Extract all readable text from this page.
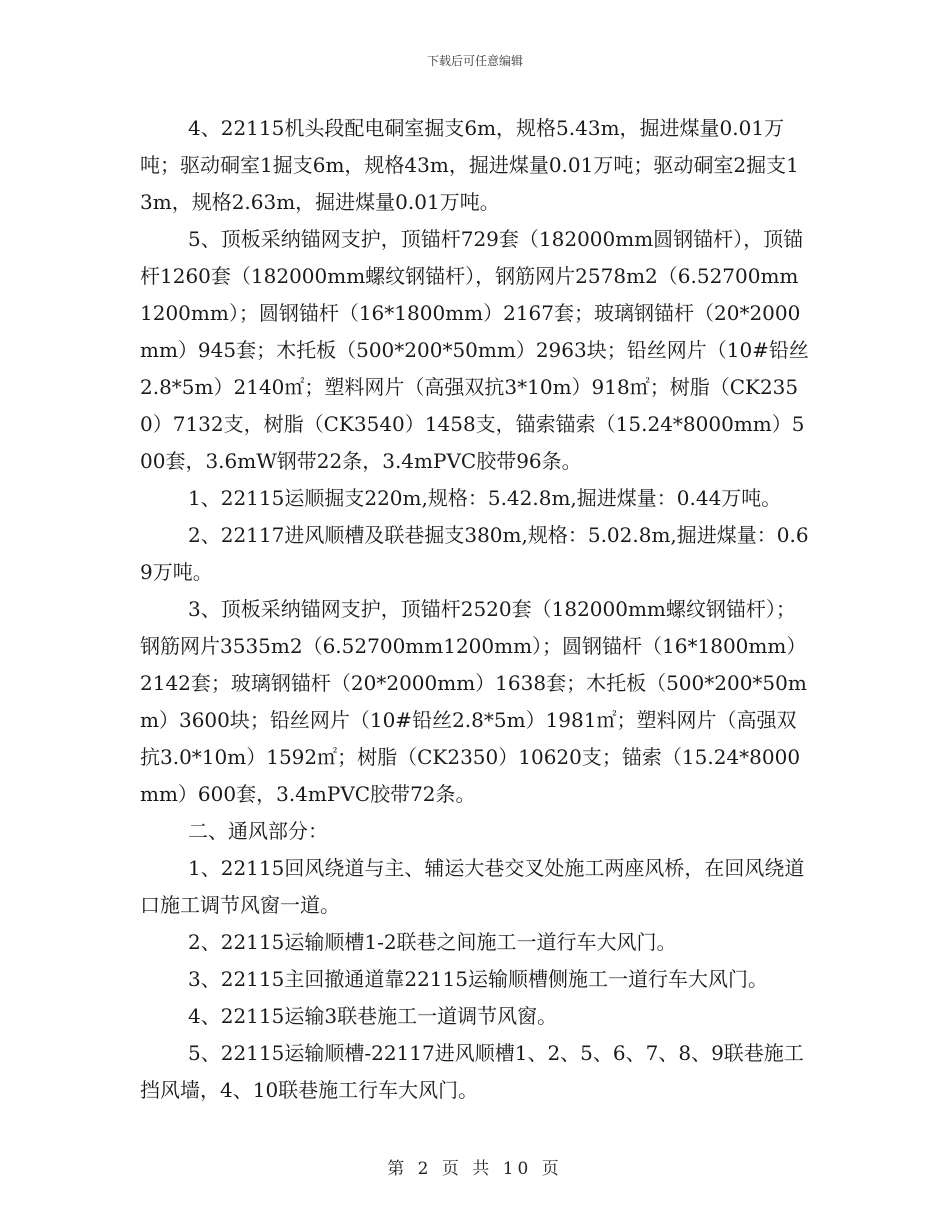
下载后可任意编辑

4、22115机头段配电硐室掘支6m，规格5.43m，掘进煤量0.01万吨；驱动硐室1掘支6m，规格43m，掘进煤量0.01万吨；驱动硐室2掘支13m，规格2.63m，掘进煤量0.01万吨。

5、顶板采纳锚网支护，顶锚杆729套（182000mm圆钢锚杆），顶锚杆1260套（182000mm螺纹钢锚杆），钢筋网片2578m2（6.52700mm1200mm）；圆钢锚杆（16*1800mm）2167套；玻璃钢锚杆（20*2000mm）945套；木托板（500*200*50mm）2963块；铅丝网片（10#铅丝2.8*5m）2140㎡；塑料网片（高强双抗3*10m）918㎡；树脂（CK2350）7132支，树脂（CK3540）1458支，锚索锚索（15.24*8000mm）500套，3.6mW钢带22条，3.4mPVC胶带96条。

1、22115运顺掘支220m,规格：5.42.8m,掘进煤量：0.44万吨。

2、22117进风顺槽及联巷掘支380m,规格：5.02.8m,掘进煤量：0.69万吨。

3、顶板采纳锚网支护，顶锚杆2520套（182000mm螺纹钢锚杆）；钢筋网片3535m2（6.52700mm1200mm）；圆钢锚杆（16*1800mm）2142套；玻璃钢锚杆（20*2000mm）1638套；木托板（500*200*50mm）3600块；铅丝网片（10#铅丝2.8*5m）1981㎡；塑料网片（高强双抗3.0*10m）1592㎡；树脂（CK2350）10620支；锚索（15.24*8000mm）600套，3.4mPVC胶带72条。

二、通风部分：

1、22115回风绕道与主、辅运大巷交叉处施工两座风桥，在回风绕道口施工调节风窗一道。

2、22115运输顺槽1-2联巷之间施工一道行车大风门。

3、22115主回撤通道靠22115运输顺槽侧施工一道行车大风门。

4、22115运输3联巷施工一道调节风窗。

5、22115运输顺槽-22117进风顺槽1、2、5、6、7、8、9联巷施工挡风墙，4、10联巷施工行车大风门。

第 2 页 共 10 页
